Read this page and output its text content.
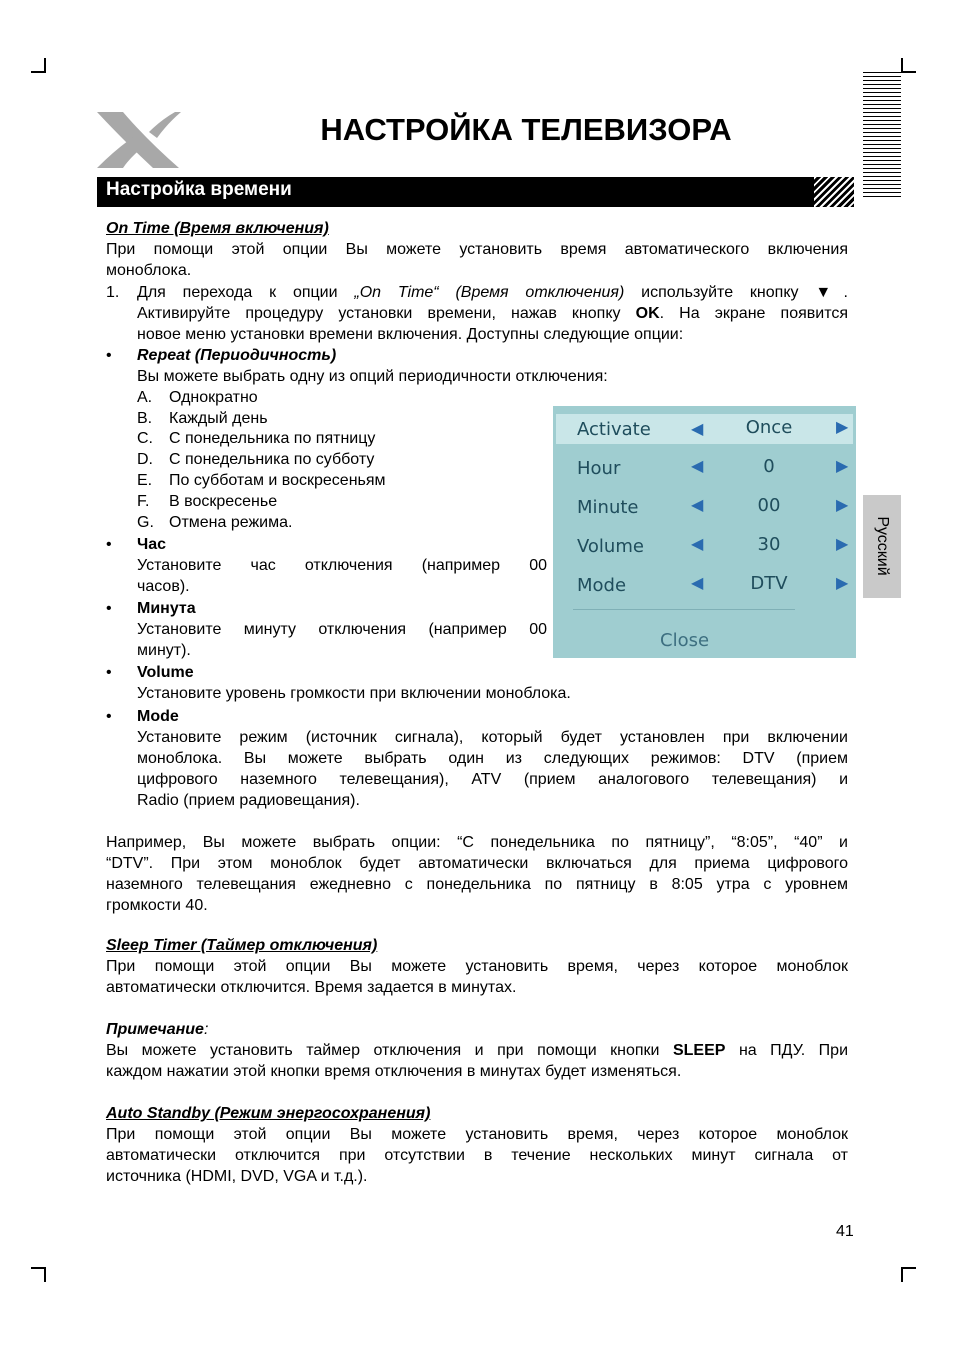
НАСТРОЙКА ТЕЛЕВИЗОРА
Настройка времени
Русский
On Time (Время включения)
При помощи этой опции Вы можете установить время автоматического включения
моноблока.
1. Для перехода к опции „On Time“ (Время отключения) используйте кнопку ▼.
Активируйте процедуру установки времени, нажав кнопку OK. На экране появится
новое меню установки времени включения. Доступны следующие опции:
• Repeat (Периодичность)
Вы можете выбрать одну из опций периодичности отключения:
A. Однократно
B. Каждый день
C. С понедельника по пятницу
D. С понедельника по субботу
E. По субботам и воскресеньям
F. В воскресенье
G. Отмена режима.
• Час
Установите час отключения (например 00
часов).
• Минута
Установите минуту отключения (например 00
минут).
• Volume
Установите уровень громкости при включении моноблока.
• Mode
Установите режим (источник сигнала), который будет установлен при включении
моноблока. Вы можете выбрать один из следующих режимов: DTV (прием
цифрового наземного телевещания), ATV (прием аналогового телевещания) и
Radio (прием радиовещания).
Например, Вы можете выбрать опции: “С понедельника по пятницу”, “8:05”, “40” и
“DTV”. При этом моноблок будет автоматически включаться для приема цифрового
наземного телевещания ежедневно с понедельника по пятницу в 8:05 утра с уровнем
громкости 40.
Sleep Timer (Таймер отключения)
При помощи этой опции Вы можете установить время, через которое моноблок
автоматически отключится. Время задается в минутах.
Примечание:
Вы можете установить таймер отключения и при помощи кнопки SLEEP на ПДУ. При
каждом нажатии этой кнопки время отключения в минутах будет изменяться.
Auto Standby (Режим энергосохранения)
При помощи этой опции Вы можете установить время, через которое моноблок
автоматически отключится при отсутствии в течение нескольких минут сигнала от
источника (HDMI, DVD, VGA и т.д.).
Activate	◀	Once	▶
Hour	◀	0	▶
Minute	◀	00	▶
Volume	◀	30	▶
Mode	◀	DTV	▶
Close
41
